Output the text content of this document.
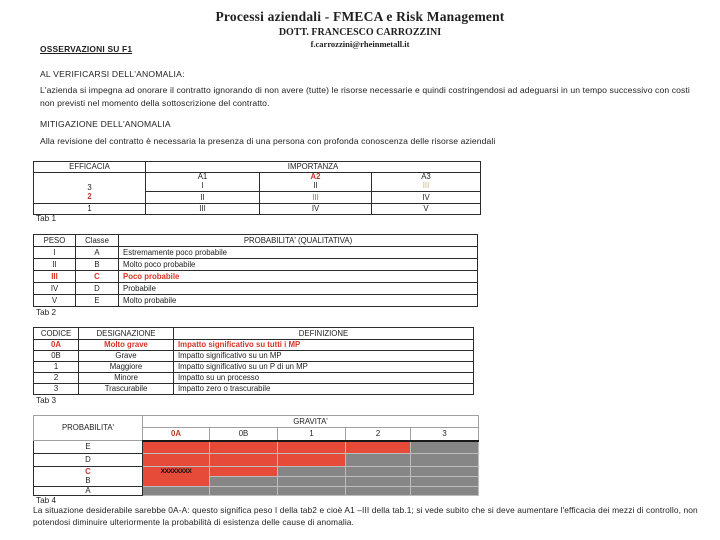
Processi aziendali - FMECA e Risk Management
DOTT. FRANCESCO CARROZZINI
f.carrozzini@rheinmetall.it
OSSERVAZIONI SU F1
AL VERIFICARSI DELL'ANOMALIA:
L'azienda si impegna ad onorare il contratto ignorando di non avere (tutte) le risorse necessarie e quindi costringendosi ad adeguarsi in un tempo successivo con costi non previsti nel momento della sottoscrizione del contratto.
MITIGAZIONE DELL'ANOMALIA
Alla revisione del contratto è necessaria la presenza di una persona con profonda conoscenza delle risorse aziendali
EFFICACIA	IMPORTANZA		
3	A1	A2	A3
	I	II	III
2	II	III	IV
1	III	IV	V
Tab 1
PESO	Classe	PROBABILITA' (QUALITATIVA)
I	A	Estremamente poco probabile
II	B	Molto poco probabile
III	C	Poco probabile
IV	D	Probabile
V	E	Molto probabile
Tab 2
CODICE	DESIGNAZIONE	DEFINIZIONE
0A	Molto grave	Impatto significativo su tutti i MP
0B	Grave	Impatto significativo su un MP
1	Maggiore	Impatto significativo su un P di un MP
2	Minore	Impatto su un processo
3	Trascurabile	Impatto zero o trascurabile
Tab 3
PROBABILITA'	GRAVITA'				
	0A	0B	1	2	3
E					
D					
C	XXXXXXXX				
B					
A					
Tab 4
La situazione desiderabile sarebbe 0A-A: questo significa peso I della tab2 e cioè A1 –III della tab.1; si vede subito che si deve aumentare l'efficacia dei mezzi di controllo, non potendosi diminuire ulteriormente la probabilità di esistenza delle cause di anomalia.
